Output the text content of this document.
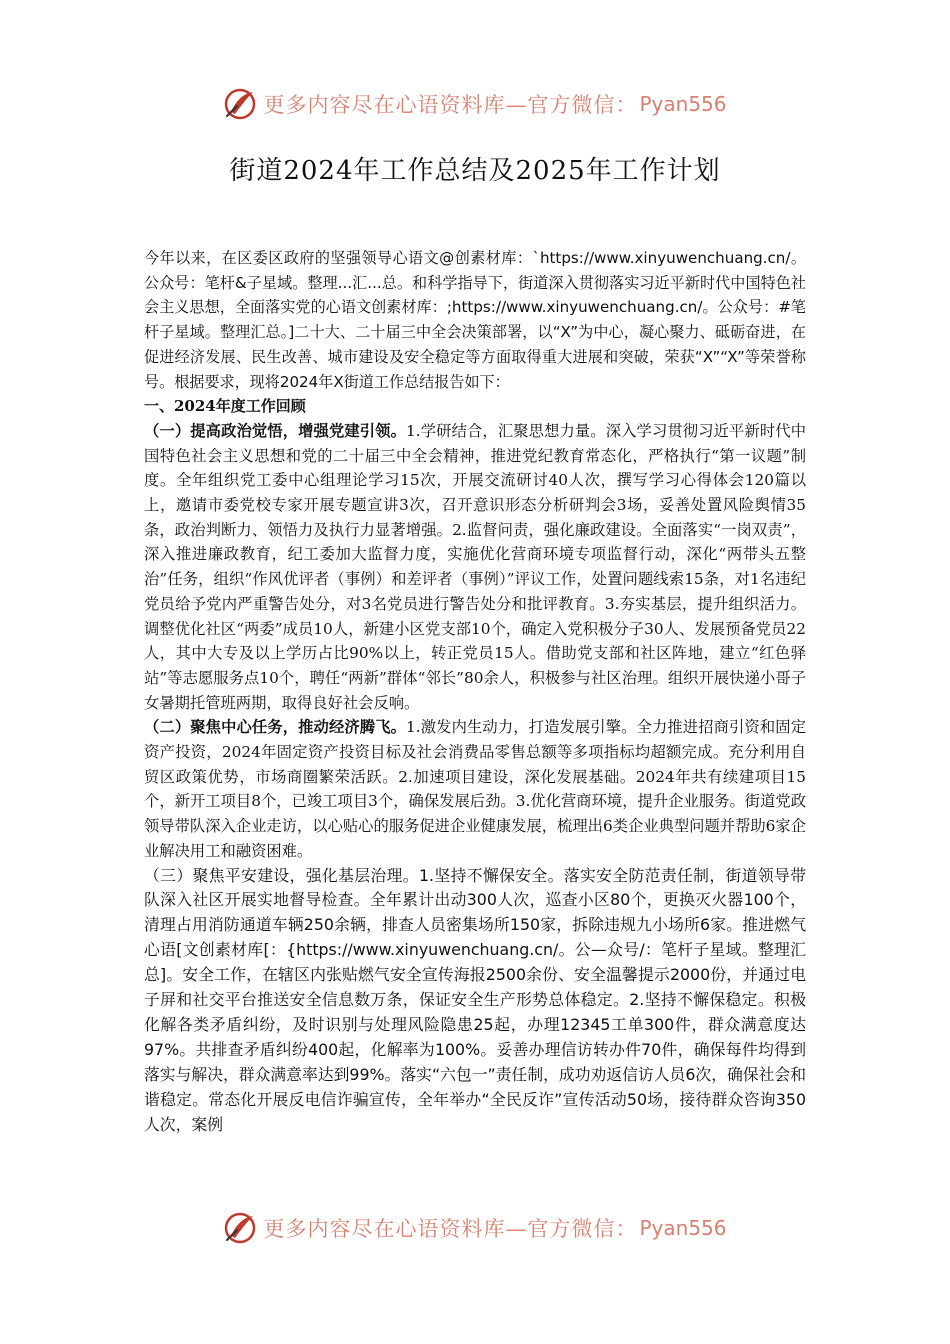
更多内容尽在心语资料库—官方微信： Pyan556
街道2024年工作总结及2025年工作计划

今年以来，在区委区政府的坚强领导心语文@创素材库：`https://www.xinyuwenchuang.cn/。公众号：笔杆&子星域。整理...汇...总。和科学指导下，街道深入贯彻落实习近平新时代中国特色社会主义思想，全面落实党的心语文创素材库：;https://www.xinyuwenchuang.cn/。公众号：#笔杆子星域。整理汇总。]二十大、二十届三中全会决策部署，以“X”为中心，凝心聚力、砥砺奋进，在促进经济发展、民生改善、城市建设及安全稳定等方面取得重大进展和突破，荣获“X”“X”等荣誉称号。根据要求，现将2024年X街道工作总结报告如下：

一、2024年度工作回顾

（一）提高政治觉悟，增强党建引领。1.学研结合，汇聚思想力量。深入学习贯彻习近平新时代中国特色社会主义思想和党的二十届三中全会精神，推进党纪教育常态化，严格执行“第一议题”制度。全年组织党工委中心组理论学习15次，开展交流研讨40人次，撰写学习心得体会120篇以上，邀请市委党校专家开展专题宣讲3次，召开意识形态分析研判会3场，妥善处置风险舆情35条，政治判断力、领悟力及执行力显著增强。2.监督问责，强化廉政建设。全面落实“一岗双责”，深入推进廉政教育，纪工委加大监督力度，实施优化营商环境专项监督行动，深化“两带头五整治”任务，组织“作风优评者（事例）和差评者（事例）”评议工作，处置问题线索15条，对1名违纪党员给予党内严重警告处分，对3名党员进行警告处分和批评教育。3.夯实基层，提升组织活力。调整优化社区“两委”成员10人，新建小区党支部10个，确定入党积极分子30人、发展预备党员22人，其中大专及以上学历占比90%以上，转正党员15人。借助党支部和社区阵地，建立“红色驿站”等志愿服务点10个，聘任“两新”群体“邻长”80余人，积极参与社区治理。组织开展快递小哥子女暑期托管班两期，取得良好社会反响。

（二）聚焦中心任务，推动经济腾飞。1.激发内生动力，打造发展引擎。全力推进招商引资和固定资产投资，2024年固定资产投资目标及社会消费品零售总额等多项指标均超额完成。充分利用自贸区政策优势，市场商圈繁荣活跃。2.加速项目建设，深化发展基础。2024年共有续建项目15个，新开工项目8个，已竣工项目3个，确保发展后劲。3.优化营商环境，提升企业服务。街道党政领导带队深入企业走访，以心贴心的服务促进企业健康发展，梳理出6类企业典型问题并帮助6家企业解决用工和融资困难。

（三）聚焦平安建设，强化基层治理。1.坚持不懈保安全。落实安全防范责任制，街道领导带队深入社区开展实地督导检查。全年累计出动300人次，巡查小区80个，更换灭火器100个，清理占用消防通道车辆250余辆，排查人员密集场所150家，拆除违规九小场所6家。推进燃气心语[文创素材库[：{https://www.xinyuwenchuang.cn/。公—众号/：笔杆子星域。整理汇总]。安全工作，在辖区内张贴燃气安全宣传海报2500余份、安全温馨提示2000份，并通过电子屏和社交平台推送安全信息数万条，保证安全生产形势总体稳定。2.坚持不懈保稳定。积极化解各类矛盾纠纷，及时识别与处理风险隐患25起，办理12345工单300件，群众满意度达97%。共排查矛盾纠纷400起，化解率为100%。妥善办理信访转办件70件，确保每件均得到落实与解决，群众满意率达到99%。落实“六包一”责任制，成功劝返信访人员6次，确保社会和谐稳定。常态化开展反电信诈骗宣传，全年举办“全民反诈”宣传活动50场，接待群众咨询350人次，案例

更多内容尽在心语资料库—官方微信： Pyan556
